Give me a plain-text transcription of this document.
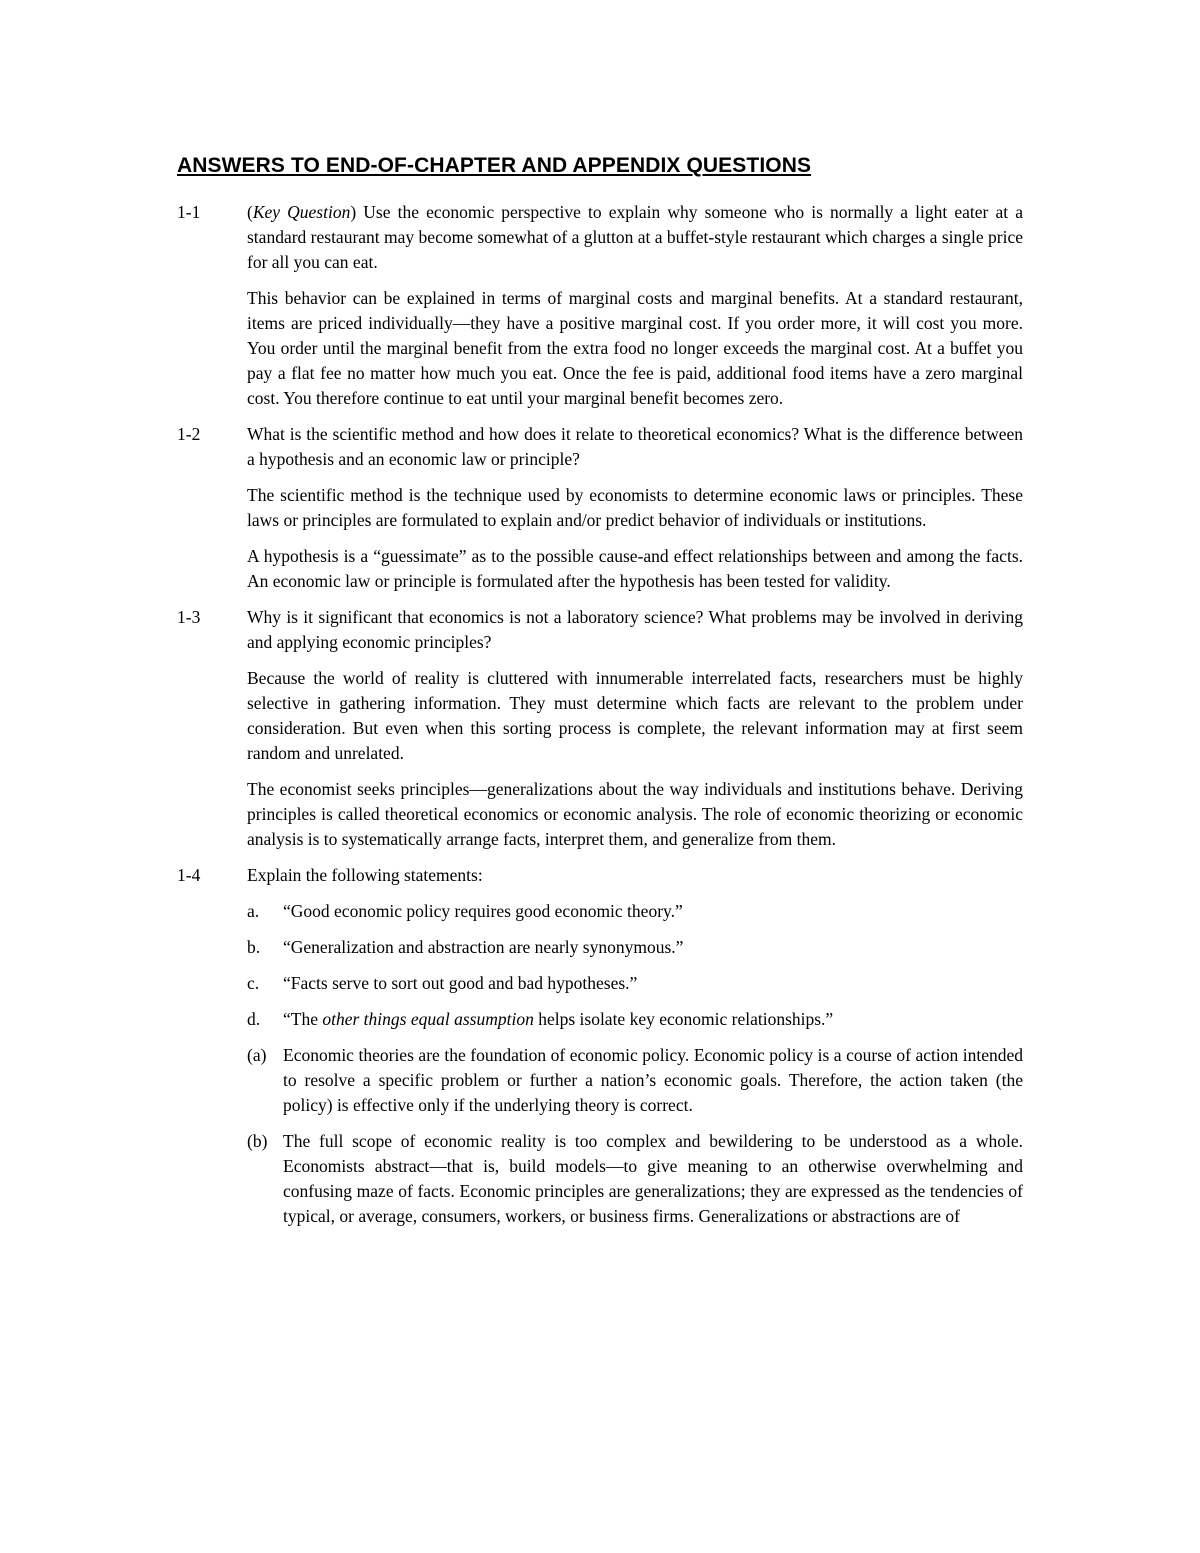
ANSWERS TO END-OF-CHAPTER AND APPENDIX QUESTIONS
1-1	(Key Question) Use the economic perspective to explain why someone who is normally a light eater at a standard restaurant may become somewhat of a glutton at a buffet-style restaurant which charges a single price for all you can eat.

This behavior can be explained in terms of marginal costs and marginal benefits. At a standard restaurant, items are priced individually—they have a positive marginal cost. If you order more, it will cost you more. You order until the marginal benefit from the extra food no longer exceeds the marginal cost. At a buffet you pay a flat fee no matter how much you eat. Once the fee is paid, additional food items have a zero marginal cost. You therefore continue to eat until your marginal benefit becomes zero.

1-2	What is the scientific method and how does it relate to theoretical economics? What is the difference between a hypothesis and an economic law or principle?

The scientific method is the technique used by economists to determine economic laws or principles. These laws or principles are formulated to explain and/or predict behavior of individuals or institutions.

A hypothesis is a “guessimate” as to the possible cause-and effect relationships between and among the facts. An economic law or principle is formulated after the hypothesis has been tested for validity.

1-3	Why is it significant that economics is not a laboratory science? What problems may be involved in deriving and applying economic principles?

Because the world of reality is cluttered with innumerable interrelated facts, researchers must be highly selective in gathering information. They must determine which facts are relevant to the problem under consideration. But even when this sorting process is complete, the relevant information may at first seem random and unrelated.

The economist seeks principles—generalizations about the way individuals and institutions behave. Deriving principles is called theoretical economics or economic analysis. The role of economic theorizing or economic analysis is to systematically arrange facts, interpret them, and generalize from them.

1-4	Explain the following statements:

a. “Good economic policy requires good economic theory.”
b. “Generalization and abstraction are nearly synonymous.”
c. “Facts serve to sort out good and bad hypotheses.”
d. “The other things equal assumption helps isolate key economic relationships.”
(a) Economic theories are the foundation of economic policy. Economic policy is a course of action intended to resolve a specific problem or further a nation’s economic goals. Therefore, the action taken (the policy) is effective only if the underlying theory is correct.
(b) The full scope of economic reality is too complex and bewildering to be understood as a whole. Economists abstract—that is, build models—to give meaning to an otherwise overwhelming and confusing maze of facts. Economic principles are generalizations; they are expressed as the tendencies of typical, or average, consumers, workers, or business firms. Generalizations or abstractions are of
